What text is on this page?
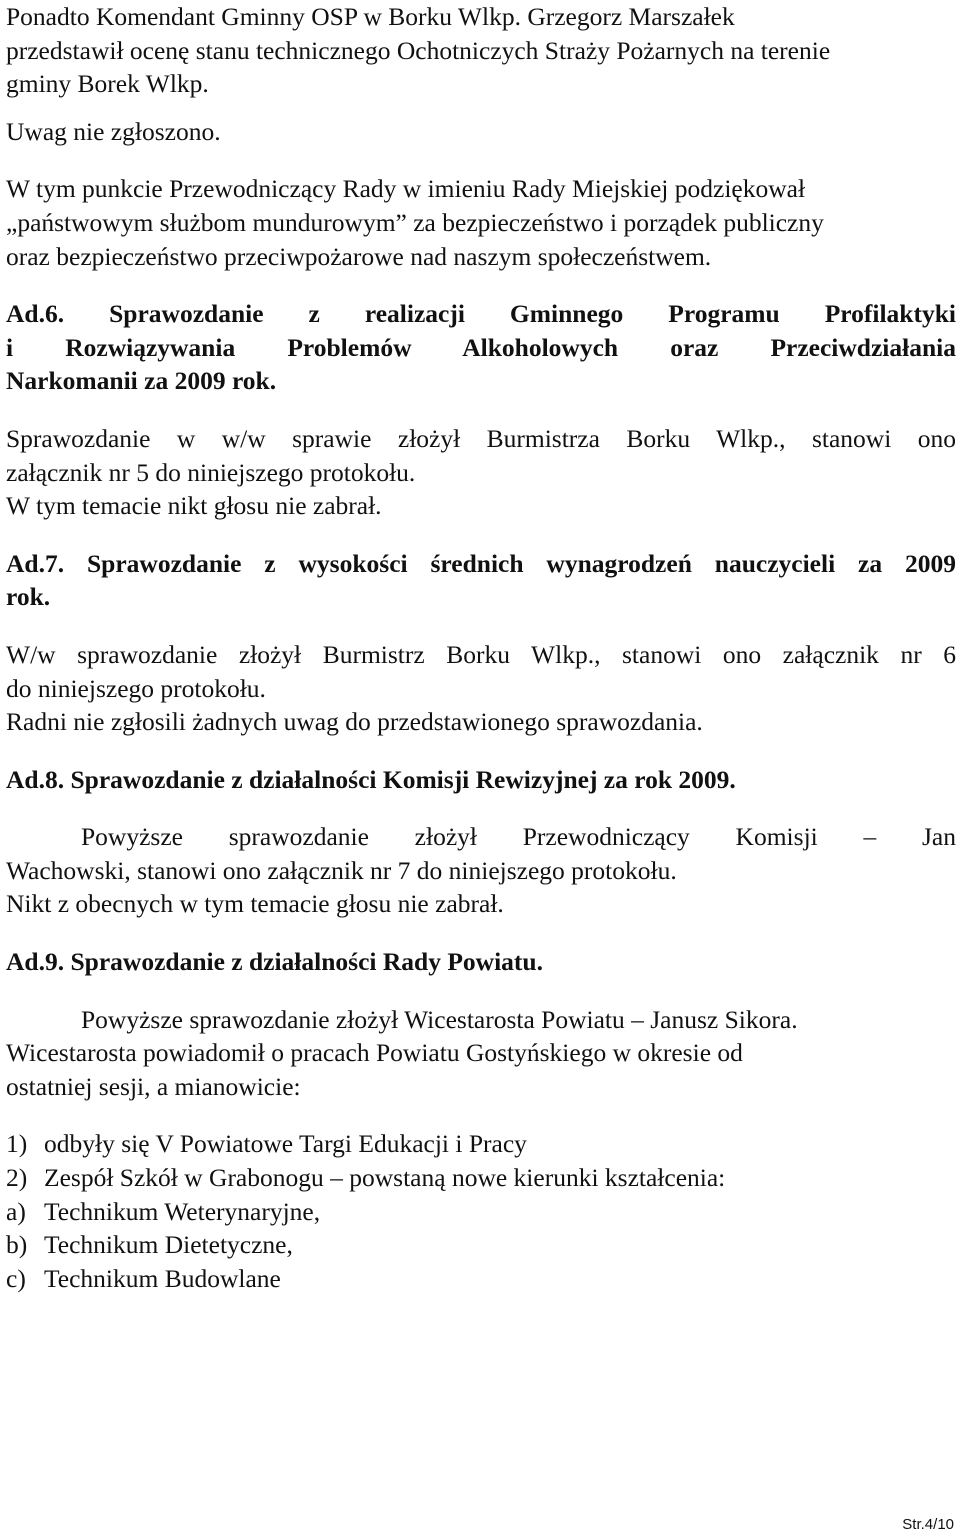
Ponadto Komendant Gminny OSP w Borku Wlkp. Grzegorz Marszałek
przedstawił ocenę stanu technicznego Ochotniczych Straży Pożarnych na terenie
gminy Borek Wlkp.
Uwag nie zgłoszono.
W tym punkcie Przewodniczący Rady w imieniu Rady Miejskiej podziękował
„państwowym służbom mundurowym” za bezpieczeństwo i porządek publiczny
oraz bezpieczeństwo przeciwpożarowe nad naszym społeczeństwem.
Ad.6. Sprawozdanie z realizacji Gminnego Programu Profilaktyki
i Rozwiązywania Problemów Alkoholowych oraz Przeciwdziałania
Narkomanii za 2009 rok.
Sprawozdanie w w/w sprawie złożył Burmistrza Borku Wlkp., stanowi ono
załącznik nr 5 do niniejszego protokołu.
W tym temacie nikt głosu nie zabrał.
Ad.7. Sprawozdanie z wysokości średnich wynagrodzeń nauczycieli za 2009
rok.
W/w sprawozdanie złożył Burmistrz Borku Wlkp., stanowi ono załącznik nr 6
do niniejszego protokołu.
Radni nie zgłosili żadnych uwag do przedstawionego sprawozdania.
Ad.8. Sprawozdanie z działalności Komisji Rewizyjnej za rok 2009.
Powyższe sprawozdanie złożył Przewodniczący Komisji – Jan
Wachowski, stanowi ono załącznik nr 7 do niniejszego protokołu.
Nikt z obecnych w tym temacie głosu nie zabrał.
Ad.9. Sprawozdanie z działalności Rady Powiatu.
Powyższe sprawozdanie złożył Wicestarosta Powiatu – Janusz Sikora.
Wicestarosta powiadomił o pracach Powiatu Gostyńskiego w okresie od
ostatniej sesji, a mianowicie:
1) odbyły się V Powiatowe Targi Edukacji i Pracy
2) Zespół Szkół w Grabonogu – powstaną nowe kierunki kształcenia:
a) Technikum Weterynaryjne,
b) Technikum Dietetyczne,
c) Technikum Budowlane
Str.4/10
